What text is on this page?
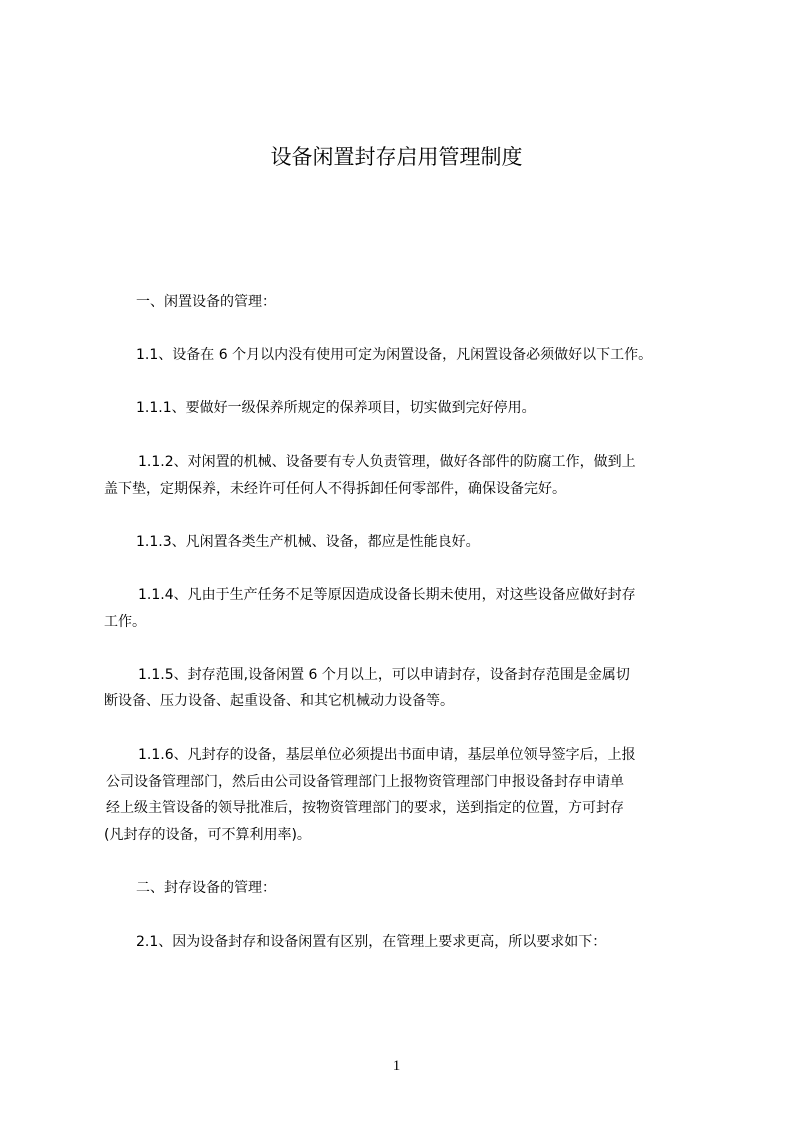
设备闲置封存启用管理制度
一、闲置设备的管理：
1.1、设备在 6 个月以内没有使用可定为闲置设备，凡闲置设备必须做好以下工作。
1.1.1、要做好一级保养所规定的保养项目，切实做到完好停用。
1.1.2、对闲置的机械、设备要有专人负责管理，做好各部件的防腐工作，做到上
盖下垫，定期保养，未经许可任何人不得拆卸任何零部件，确保设备完好。
1.1.3、凡闲置各类生产机械、设备，都应是性能良好。
1.1.4、凡由于生产任务不足等原因造成设备长期未使用，对这些设备应做好封存
工作。
1.1.5、封存范围,设备闲置 6 个月以上，可以申请封存，设备封存范围是金属切
断设备、压力设备、起重设备、和其它机械动力设备等。
1.1.6、凡封存的设备，基层单位必须提出书面申请，基层单位领导签字后，上报
公司设备管理部门，然后由公司设备管理部门上报物资管理部门申报设备封存申请单
经上级主管设备的领导批准后，按物资管理部门的要求，送到指定的位置，方可封存
(凡封存的设备，可不算利用率)。
二、封存设备的管理：
2.1、因为设备封存和设备闲置有区别，在管理上要求更高，所以要求如下：
1
